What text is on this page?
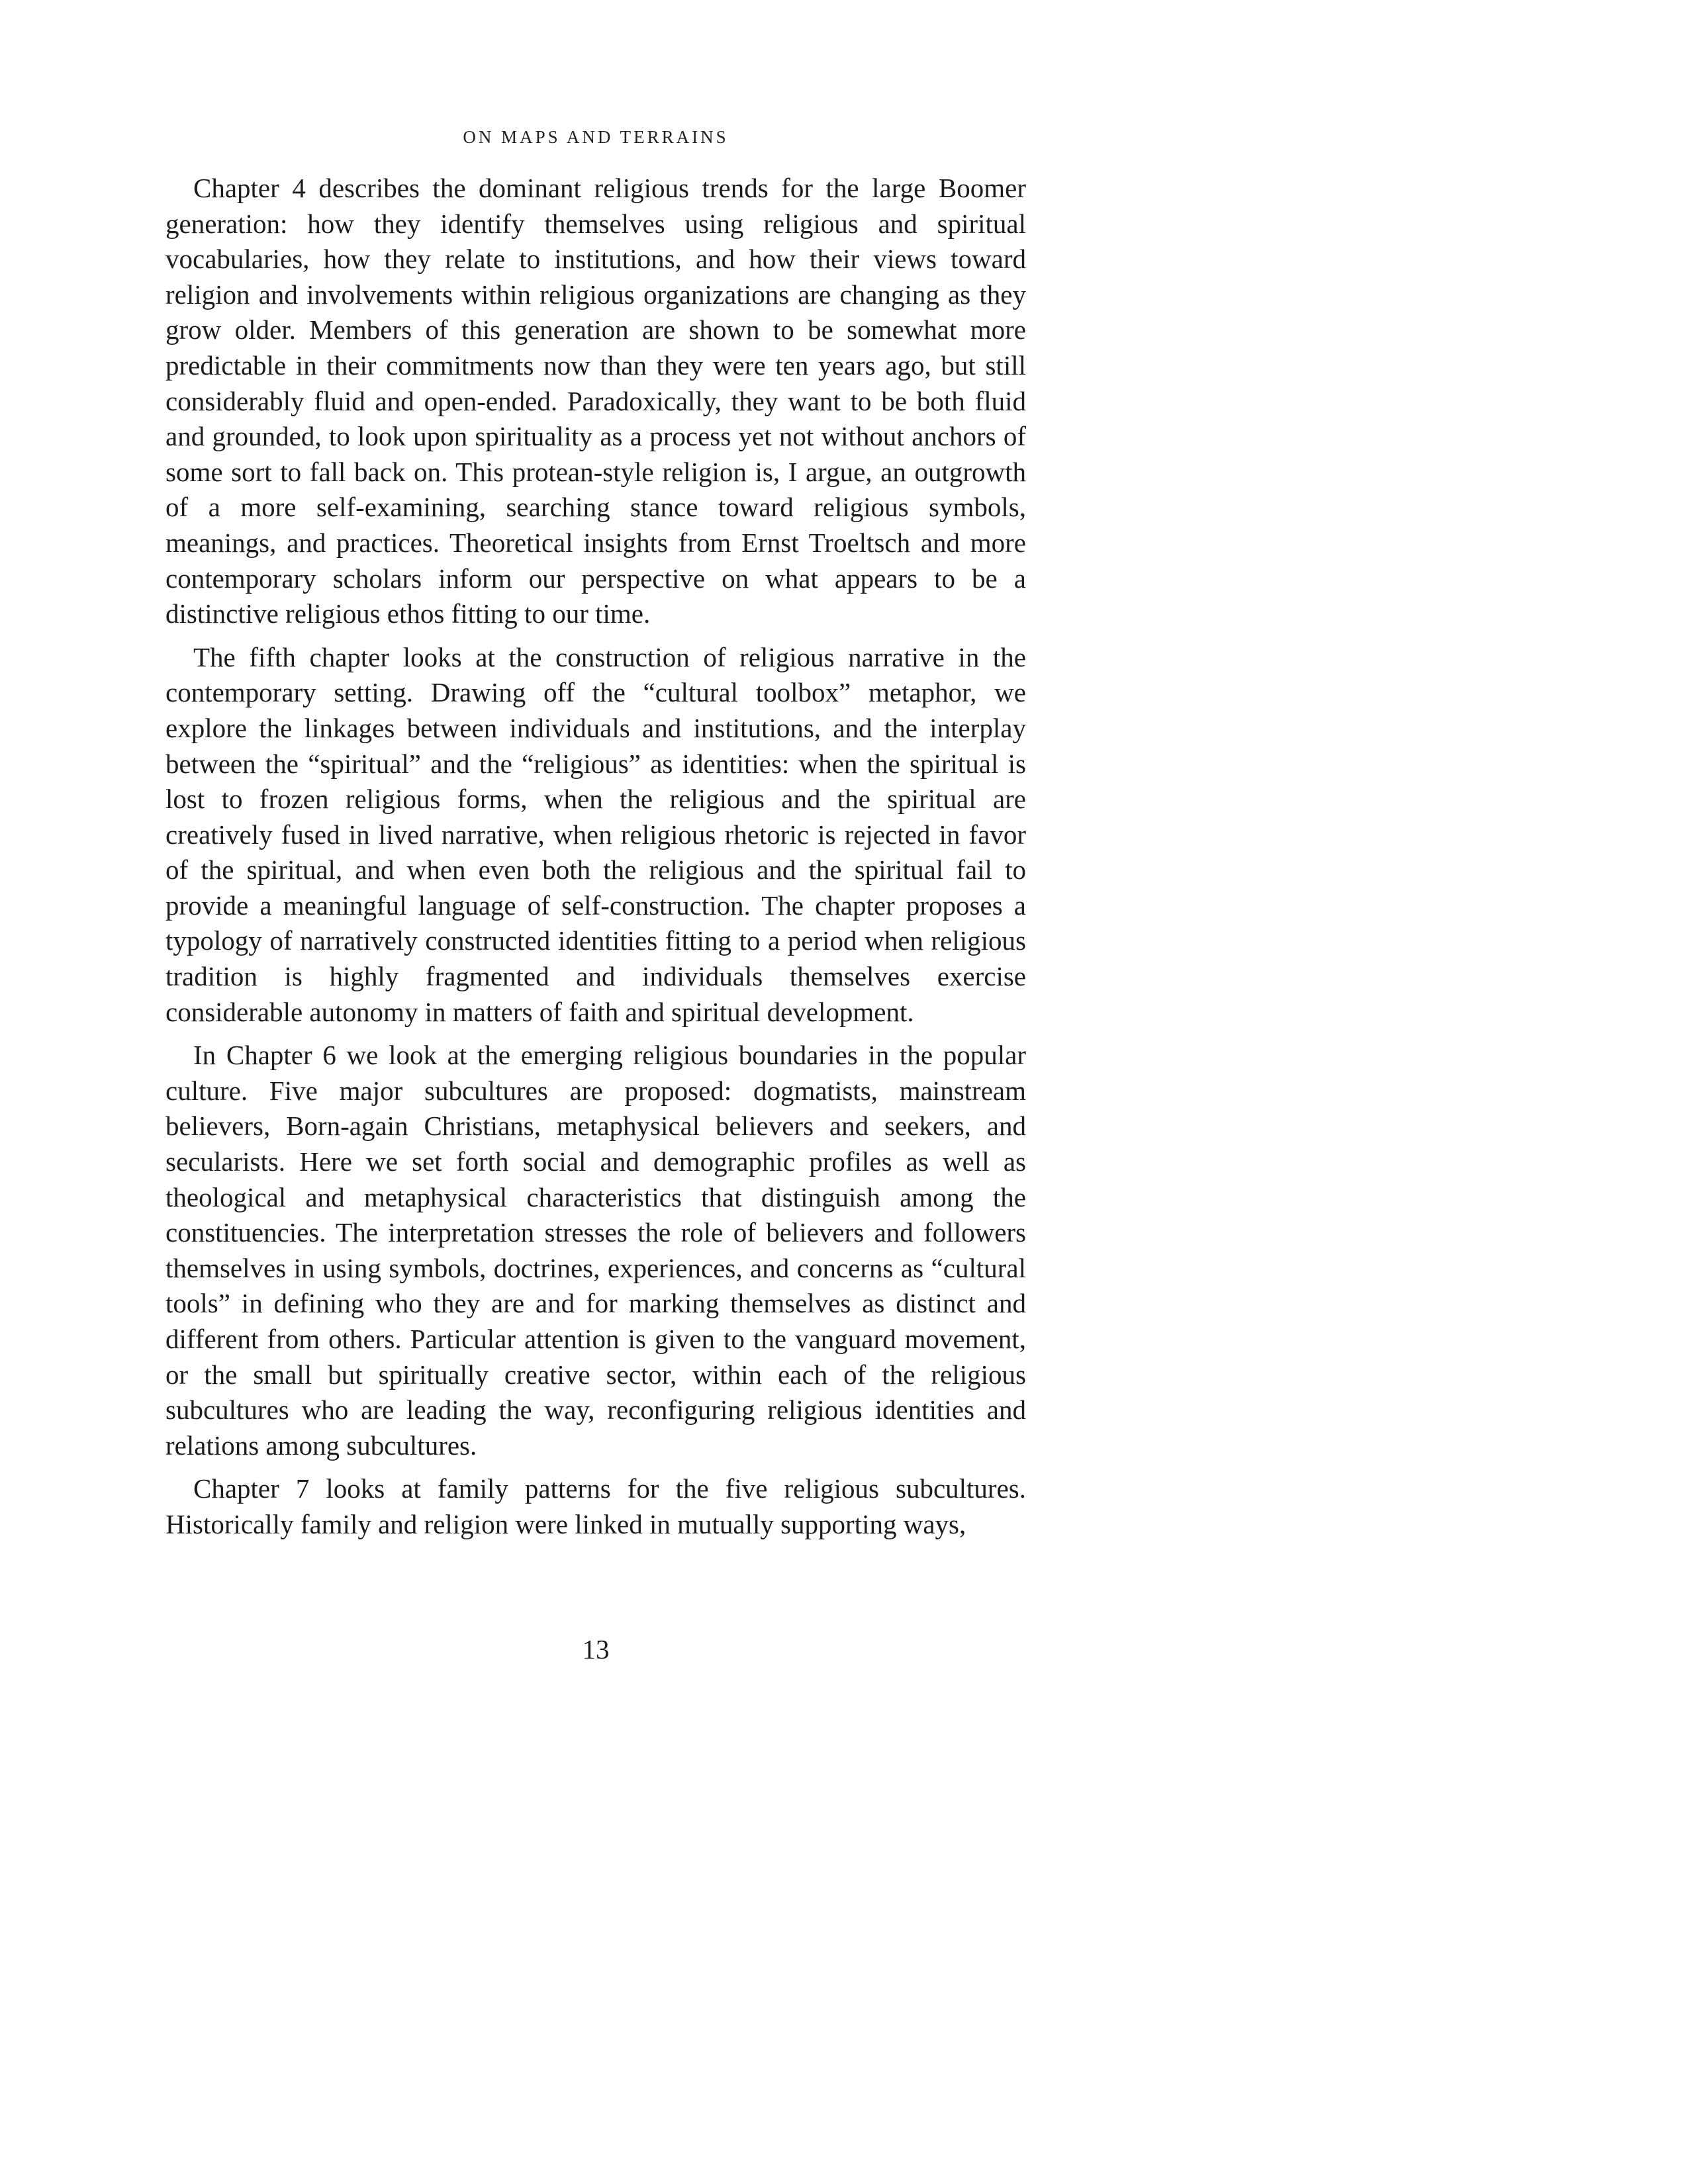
ON MAPS AND TERRAINS

Chapter 4 describes the dominant religious trends for the large Boomer generation: how they identify themselves using religious and spiritual vocabularies, how they relate to institutions, and how their views toward religion and involvements within religious organizations are changing as they grow older. Members of this generation are shown to be somewhat more predictable in their commitments now than they were ten years ago, but still considerably fluid and open-ended. Paradoxically, they want to be both fluid and grounded, to look upon spirituality as a process yet not without anchors of some sort to fall back on. This protean-style religion is, I argue, an outgrowth of a more self-examining, searching stance toward religious symbols, meanings, and practices. Theoretical insights from Ernst Troeltsch and more contemporary scholars inform our perspective on what appears to be a distinctive religious ethos fitting to our time.

The fifth chapter looks at the construction of religious narrative in the contemporary setting. Drawing off the “cultural toolbox” metaphor, we explore the linkages between individuals and institutions, and the interplay between the “spiritual” and the “religious” as identities: when the spiritual is lost to frozen religious forms, when the religious and the spiritual are creatively fused in lived narrative, when religious rhetoric is rejected in favor of the spiritual, and when even both the religious and the spiritual fail to provide a meaningful language of self-construction. The chapter proposes a typology of narratively constructed identities fitting to a period when religious tradition is highly fragmented and individuals themselves exercise considerable autonomy in matters of faith and spiritual development.

In Chapter 6 we look at the emerging religious boundaries in the popular culture. Five major subcultures are proposed: dogmatists, mainstream believers, Born-again Christians, metaphysical believers and seekers, and secularists. Here we set forth social and demographic profiles as well as theological and metaphysical characteristics that distinguish among the constituencies. The interpretation stresses the role of believers and followers themselves in using symbols, doctrines, experiences, and concerns as “cultural tools” in defining who they are and for marking themselves as distinct and different from others. Particular attention is given to the vanguard movement, or the small but spiritually creative sector, within each of the religious subcultures who are leading the way, reconfiguring religious identities and relations among subcultures.

Chapter 7 looks at family patterns for the five religious subcultures. Historically family and religion were linked in mutually supporting ways,

13
